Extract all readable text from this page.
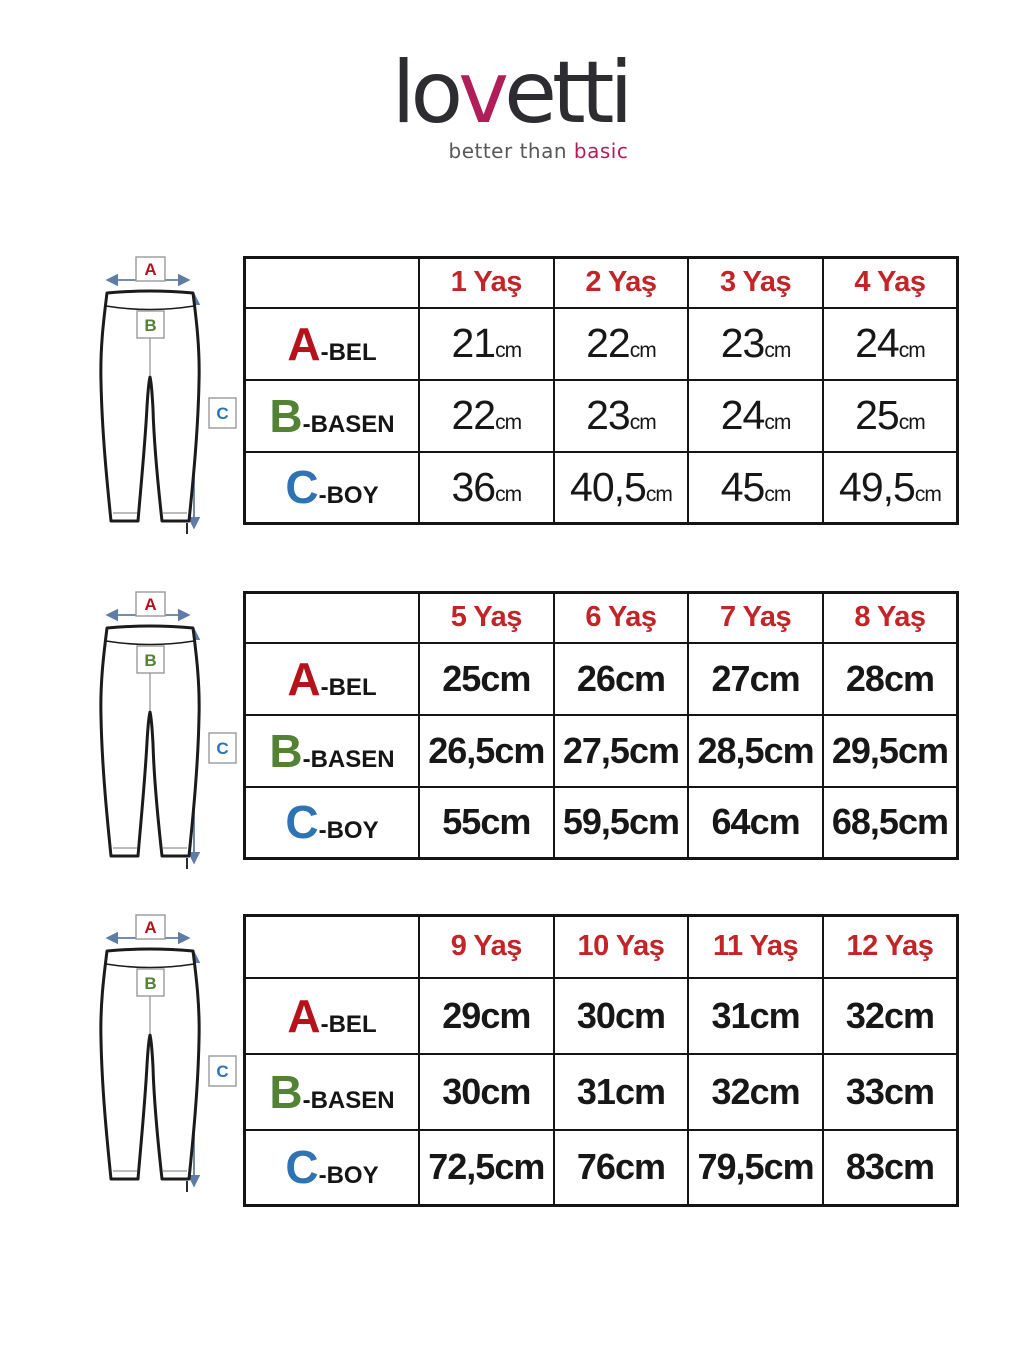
lovetti
better than basic
A
B
C
	1 Yaş	2 Yaş	3 Yaş	4 Yaş
A-BEL	21cm	22cm	23cm	24cm
B-BASEN	22cm	23cm	24cm	25cm
C-BOY	36cm	40,5cm	45cm	49,5cm
A
B
C
	5 Yaş	6 Yaş	7 Yaş	8 Yaş
A-BEL	25cm	26cm	27cm	28cm
B-BASEN	26,5cm	27,5cm	28,5cm	29,5cm
C-BOY	55cm	59,5cm	64cm	68,5cm
A
B
C
	9 Yaş	10 Yaş	11 Yaş	12 Yaş
A-BEL	29cm	30cm	31cm	32cm
B-BASEN	30cm	31cm	32cm	33cm
C-BOY	72,5cm	76cm	79,5cm	83cm
